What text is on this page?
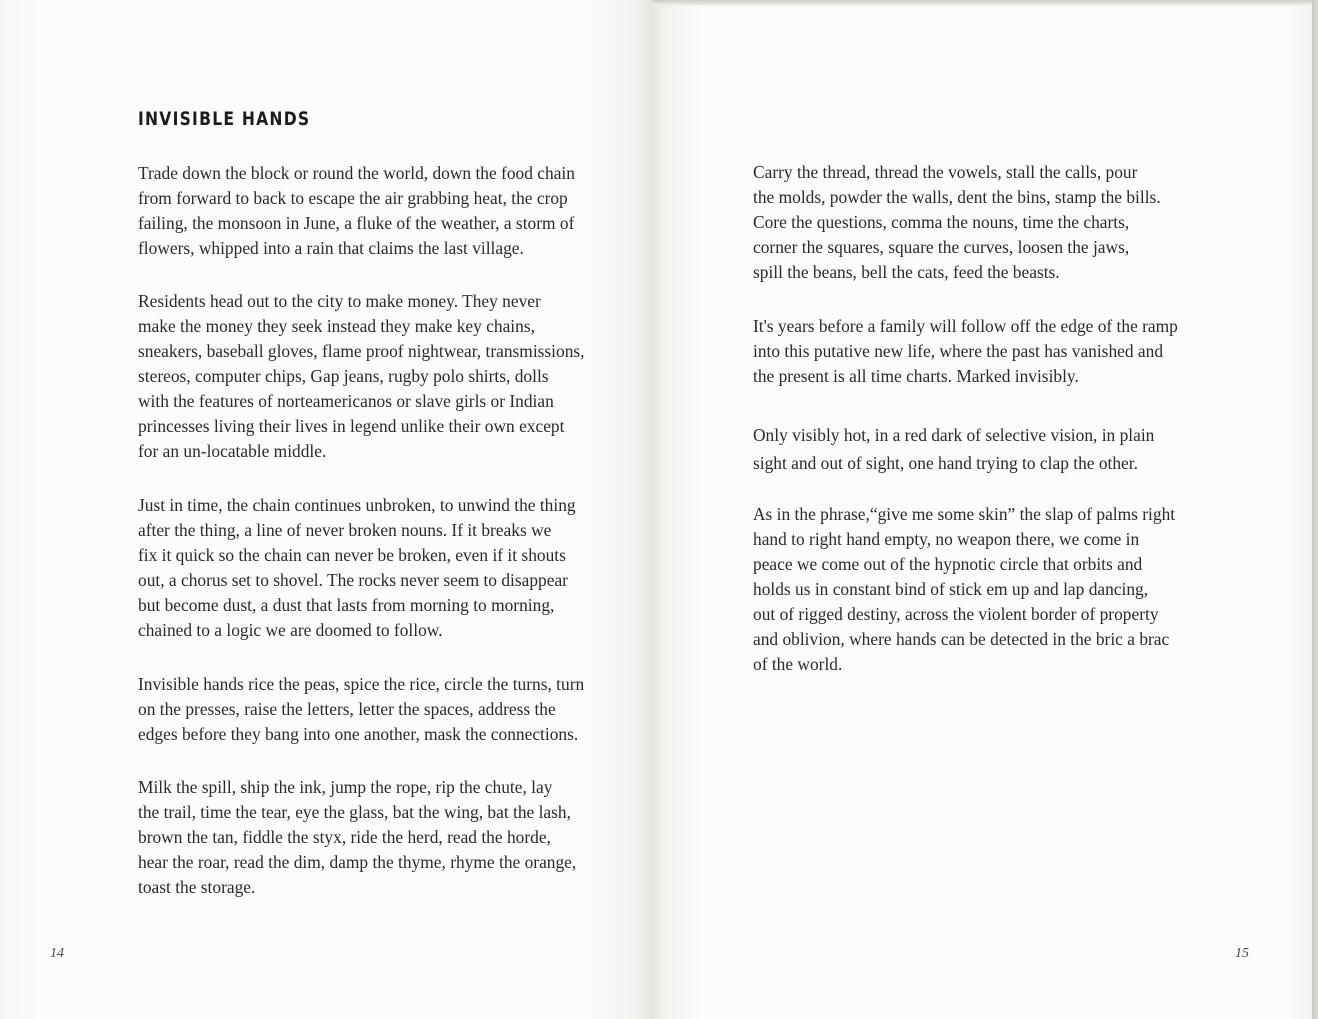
INVISIBLE HANDS

Trade down the block or round the world, down the food chain
from forward to back to escape the air grabbing heat, the crop
failing, the monsoon in June, a fluke of the weather, a storm of
flowers, whipped into a rain that claims the last village.

Residents head out to the city to make money. They never
make the money they seek instead they make key chains,
sneakers, baseball gloves, flame proof nightwear, transmissions,
stereos, computer chips, Gap jeans, rugby polo shirts, dolls
with the features of norteamericanos or slave girls or Indian
princesses living their lives in legend unlike their own except
for an un-locatable middle.

Just in time, the chain continues unbroken, to unwind the thing
after the thing, a line of never broken nouns. If it breaks we
fix it quick so the chain can never be broken, even if it shouts
out, a chorus set to shovel. The rocks never seem to disappear
but become dust, a dust that lasts from morning to morning,
chained to a logic we are doomed to follow.

Invisible hands rice the peas, spice the rice, circle the turns, turn
on the presses, raise the letters, letter the spaces, address the
edges before they bang into one another, mask the connections.

Milk the spill, ship the ink, jump the rope, rip the chute, lay
the trail, time the tear, eye the glass, bat the wing, bat the lash,
brown the tan, fiddle the styx, ride the herd, read the horde,
hear the roar, read the dim, damp the thyme, rhyme the orange,
toast the storage.

14

Carry the thread, thread the vowels, stall the calls, pour
the molds, powder the walls, dent the bins, stamp the bills.
Core the questions, comma the nouns, time the charts,
corner the squares, square the curves, loosen the jaws,
spill the beans, bell the cats, feed the beasts.

It's years before a family will follow off the edge of the ramp
into this putative new life, where the past has vanished and
the present is all time charts. Marked invisibly.

Only visibly hot, in a red dark of selective vision, in plain
sight and out of sight, one hand trying to clap the other.

As in the phrase,“give me some skin” the slap of palms right
hand to right hand empty, no weapon there, we come in
peace we come out of the hypnotic circle that orbits and
holds us in constant bind of stick em up and lap dancing,
out of rigged destiny, across the violent border of property
and oblivion, where hands can be detected in the bric a brac
of the world.

15
